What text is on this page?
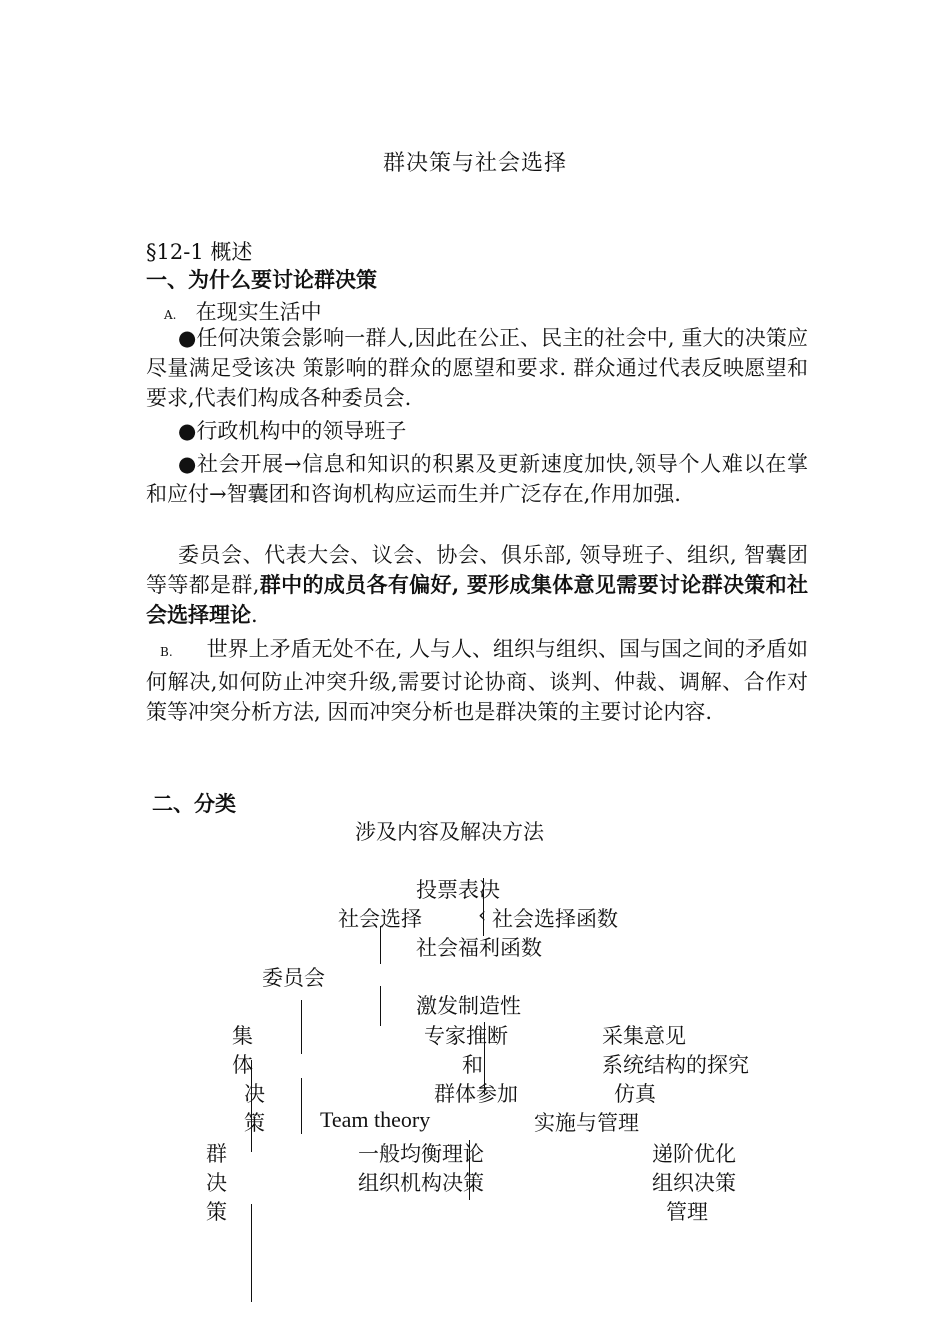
群决策与社会选择
§12-1 概述
一、为什么要讨论群决策
A. 在现实生活中
●任何决策会影响一群人,因此在公正、民主的社会中, 重大的决策应尽量满足受该决 策影响的群众的愿望和要求. 群众通过代表反映愿望和要求,代表们构成各种委员会.
●行政机构中的领导班子
●社会开展→信息和知识的积累及更新速度加快,领导个人难以在掌和应付→智囊团和咨询机构应运而生并广泛存在,作用加强.
委员会、代表大会、议会、协会、俱乐部, 领导班子、组织, 智囊团等等都是群,群中的成员各有偏好, 要形成集体意见需要讨论群决策和社会选择理论.
B. 世界上矛盾无处不在, 人与人、组织与组织、国与国之间的矛盾如何解决,如何防止冲突升级,需要讨论协商、谈判、仲裁、调解、合作对策等冲突分析方法, 因而冲突分析也是群决策的主要讨论内容.
二、分类
涉及内容及解决方法
投票表决
社会选择	‹ 社会选择函数
社会福利函数
委员会
激发制造性
专家推断	采集意见
和	系统结构的探究
群体参加	仿真
Team theory	实施与管理
集
体
决
策
一般均衡理论	递阶优化
组织机构决策	组织决策
管理
群
决
策
